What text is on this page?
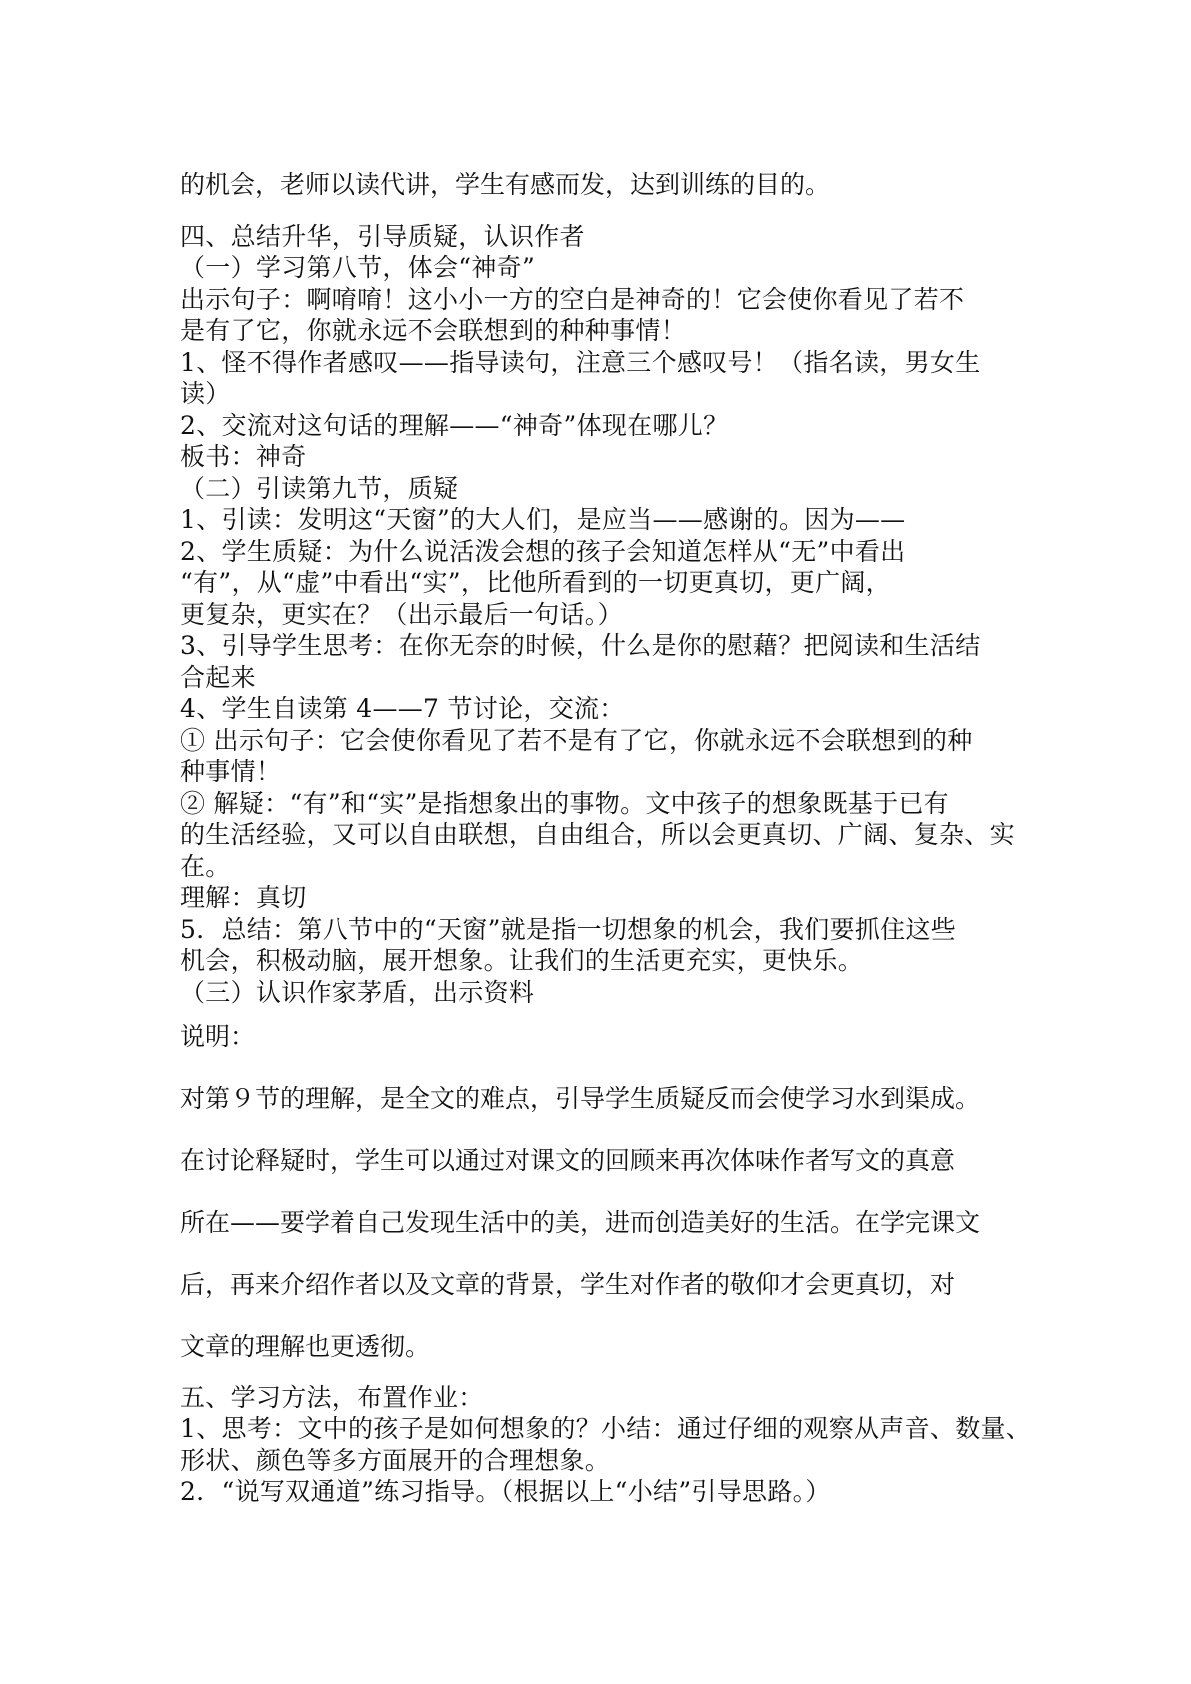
的机会，老师以读代讲，学生有感而发，达到训练的目的。

四、总结升华，引导质疑，认识作者

（一）学习第八节，体会“神奇”

出示句子：啊唷唷！这小小一方的空白是神奇的！它会使你看见了若不

是有了它，你就永远不会联想到的种种事情！

1、怪不得作者感叹——指导读句，注意三个感叹号！（指名读，男女生

读）

2、交流对这句话的理解——“神奇”体现在哪儿？

板书：神奇

（二）引读第九节，质疑

1、引读：发明这“天窗”的大人们，是应当——感谢的。因为——

2、学生质疑：为什么说活泼会想的孩子会知道怎样从“无”中看出

“有”，从“虚”中看出“实”，比他所看到的一切更真切，更广阔，

更复杂，更实在？（出示最后一句话。）

3、引导学生思考：在你无奈的时候，什么是你的慰藉？把阅读和生活结

合起来

4、学生自读第 4——7 节讨论，交流：

① 出示句子：它会使你看见了若不是有了它，你就永远不会联想到的种

种事情！

② 解疑：“有”和“实”是指想象出的事物。文中孩子的想象既基于已有

的生活经验，又可以自由联想，自由组合，所以会更真切、广阔、复杂、实

在。

理解：真切

5．总结：第八节中的“天窗”就是指一切想象的机会，我们要抓住这些

机会，积极动脑，展开想象。让我们的生活更充实，更快乐。

（三）认识作家茅盾，出示资料

说明：

对第９节的理解，是全文的难点，引导学生质疑反而会使学习水到渠成。

在讨论释疑时，学生可以通过对课文的回顾来再次体味作者写文的真意

所在——要学着自己发现生活中的美，进而创造美好的生活。在学完课文

后，再来介绍作者以及文章的背景，学生对作者的敬仰才会更真切，对

文章的理解也更透彻。

五、学习方法，布置作业：

1、思考：文中的孩子是如何想象的？小结：通过仔细的观察从声音、数量、

形状、颜色等多方面展开的合理想象。

2．“说写双通道”练习指导。（根据以上“小结”引导思路。）
